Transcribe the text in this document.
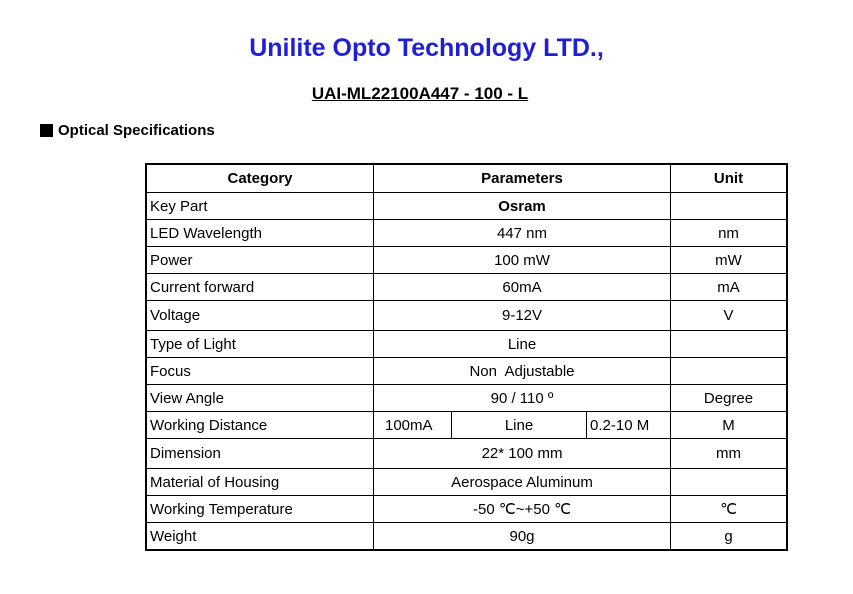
Unilite Opto Technology LTD.,
UAI-ML22100A447 - 100 - L
Optical Specifications
Category	Parameters	Unit
Key Part	Osram	
LED Wavelength	447 nm	nm
Power	100 mW	mW
Current forward	60mA	mA
Voltage	9-12V	V
Type of Light	Line	
Focus	Non  Adjustable	
View Angle	90 / 110 º	Degree
Working Distance	100mA Line 0.2-10 M	M
Dimension	22* 100 mm	mm
Material of Housing	Aerospace Aluminum	
Working Temperature	-50 ℃~+50 ℃	℃
Weight	90g	g
